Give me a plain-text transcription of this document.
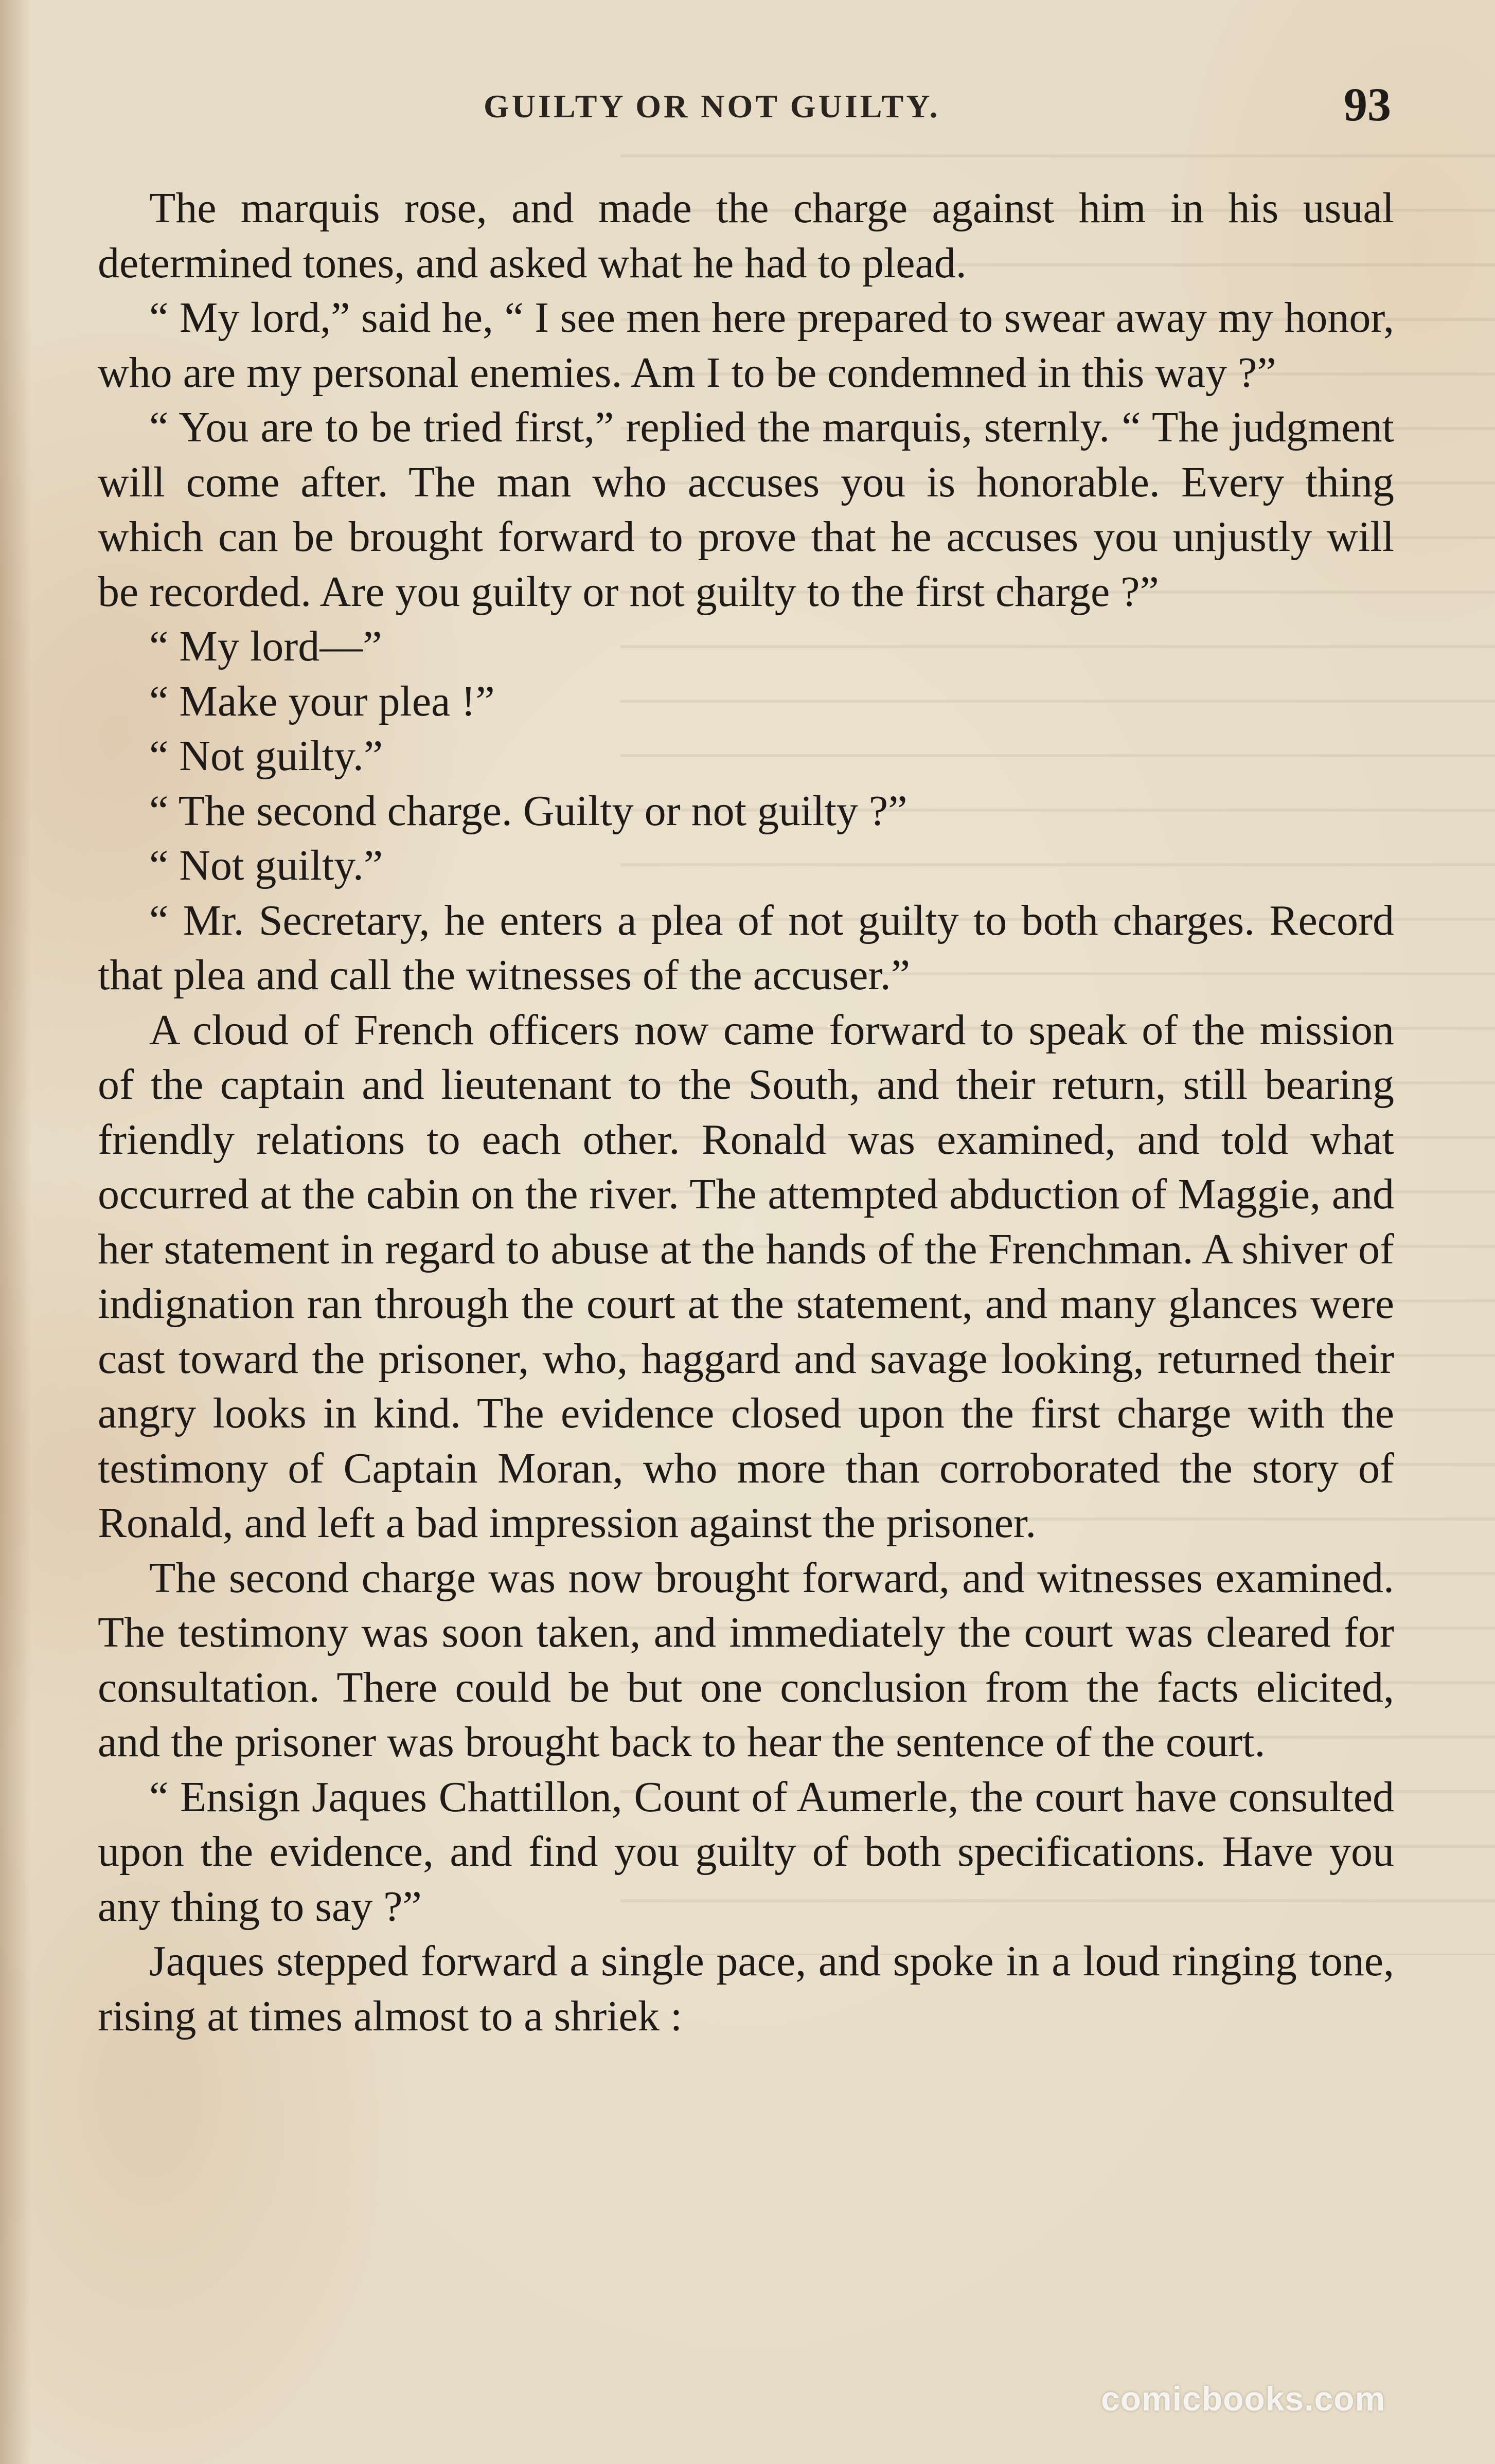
GUILTY OR NOT GUILTY.	93

The marquis rose, and made the charge against him in his usual determined tones, and asked what he had to plead.

“ My lord,” said he, “ I see men here prepared to swear away my honor, who are my personal enemies. Am I to be condemned in this way ?”

“ You are to be tried first,” replied the marquis, sternly. “ The judgment will come after. The man who accuses you is honorable. Every thing which can be brought forward to prove that he accuses you unjustly will be recorded. Are you guilty or not guilty to the first charge ?”

“ My lord—”

“ Make your plea !”

“ Not guilty.”

“ The second charge. Guilty or not guilty ?”

“ Not guilty.”

“ Mr. Secretary, he enters a plea of not guilty to both charges. Record that plea and call the witnesses of the accuser.”

A cloud of French officers now came forward to speak of the mission of the captain and lieutenant to the South, and their return, still bearing friendly relations to each other. Ronald was examined, and told what occurred at the cabin on the river. The attempted abduction of Maggie, and her statement in regard to abuse at the hands of the Frenchman. A shiver of indignation ran through the court at the statement, and many glances were cast toward the prisoner, who, haggard and savage looking, returned their angry looks in kind. The evidence closed upon the first charge with the testimony of Captain Moran, who more than corroborated the story of Ronald, and left a bad impression against the prisoner.

The second charge was now brought forward, and witnesses examined. The testimony was soon taken, and immediately the court was cleared for consultation. There could be but one conclusion from the facts elicited, and the prisoner was brought back to hear the sentence of the court.

“ Ensign Jaques Chattillon, Count of Aumerle, the court have consulted upon the evidence, and find you guilty of both specifications. Have you any thing to say ?”

Jaques stepped forward a single pace, and spoke in a loud ringing tone, rising at times almost to a shriek :

comicbooks.com
